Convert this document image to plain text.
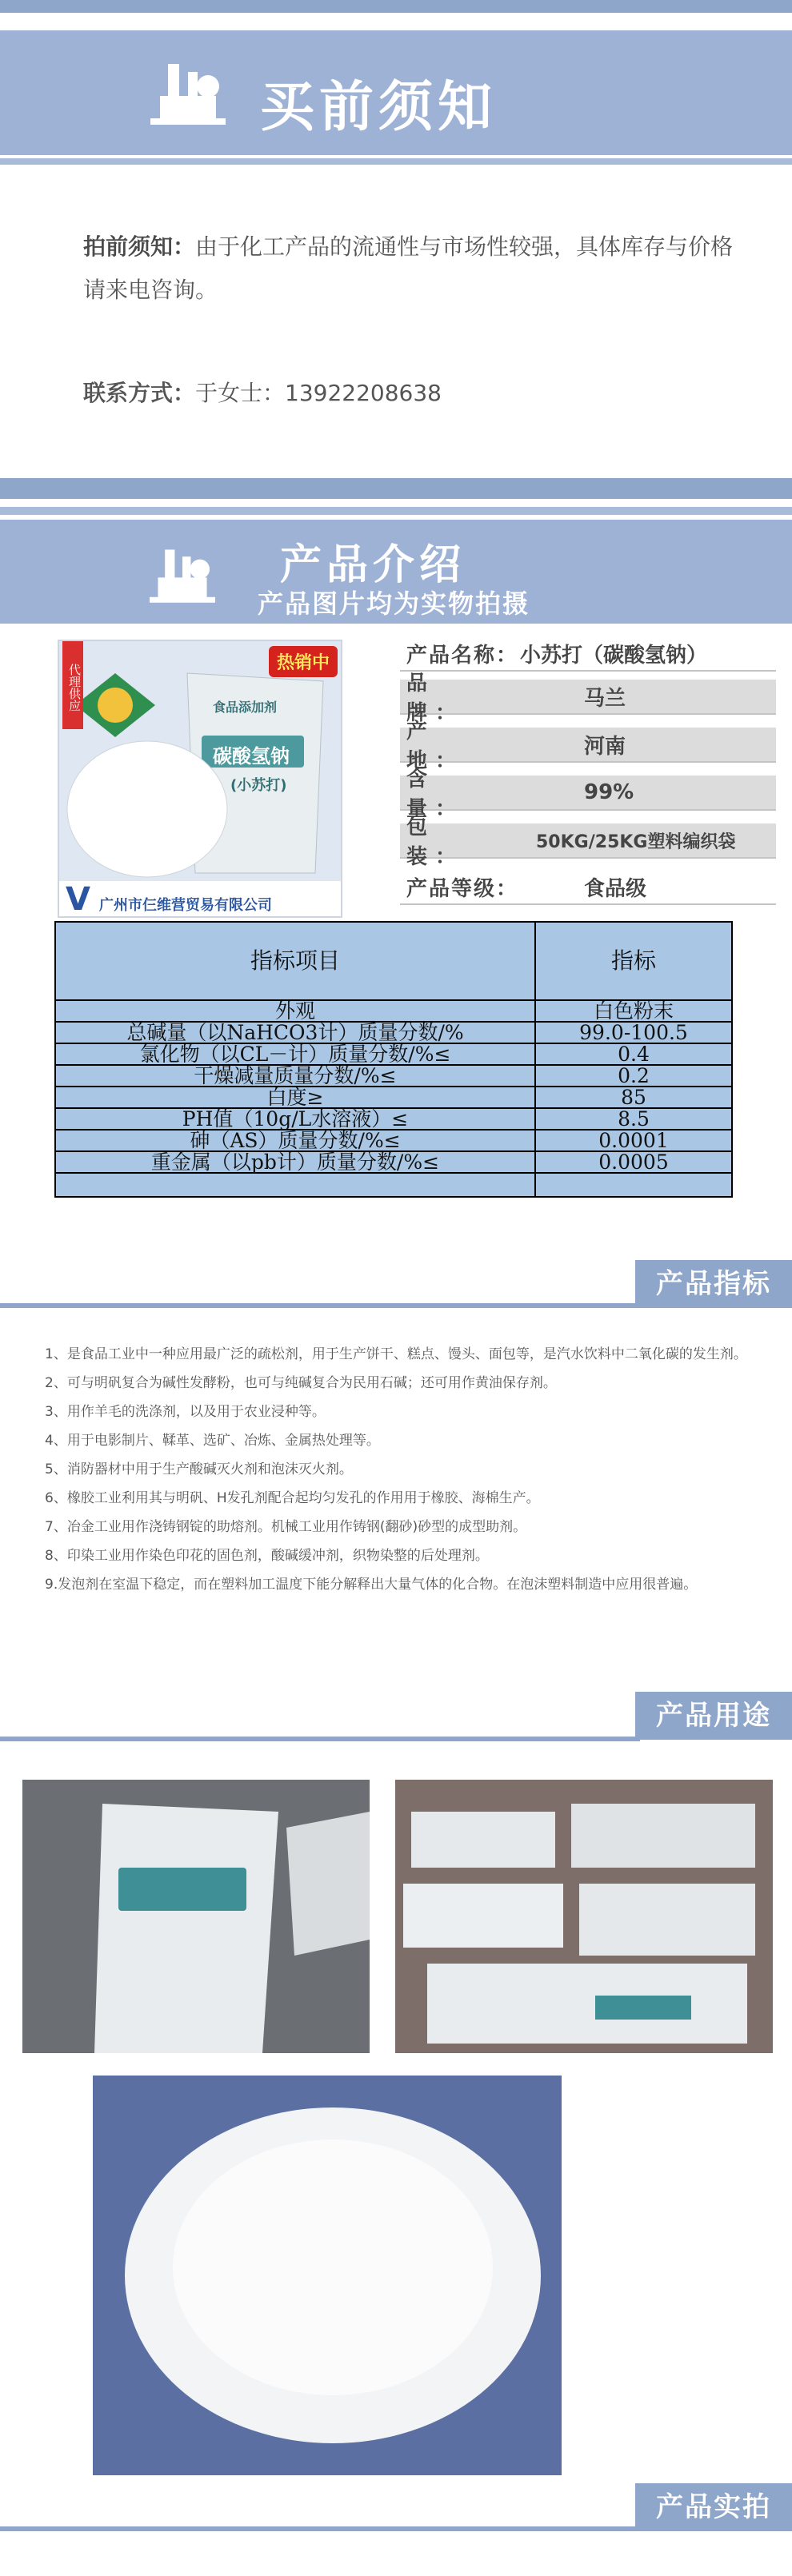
买前须知
拍前须知：由于化工产品的流通性与市场性较强，具体库存与价格请来电咨询。
联系方式：于女士：13922208638
产品介绍
产品图片均为实物拍摄
代理供应
热销中
食品添加剂
碳酸氢钠
(小苏打)
V 广州市仨维营贸易有限公司
产品名称： 小苏打（碳酸氢钠）
品　牌：
马兰
产　地：
河南
含　量：
99%
包　装：
50KG/25KG塑料编织袋
产品等级：	食品级
指标项目	指标
外观	白色粉末
总碱量（以NaHCO3计）质量分数/%	99.0-100.5
氯化物（以CL－计）质量分数/%≤	0.4
干燥减量质量分数/%≤	0.2
白度≥	85
PH值（10g/L水溶液）≤	8.5
砷（AS）质量分数/%≤	0.0001
重金属（以pb计）质量分数/%≤	0.0005

产品指标
1、是食品工业中一种应用最广泛的疏松剂，用于生产饼干、糕点、馒头、面包等，是汽水饮料中二氧化碳的发生剂。
2、可与明矾复合为碱性发酵粉，也可与纯碱复合为民用石碱；还可用作黄油保存剂。
3、用作羊毛的洗涤剂，以及用于农业浸种等。
4、用于电影制片、鞣革、选矿、冶炼、金属热处理等。
5、消防器材中用于生产酸碱灭火剂和泡沫灭火剂。
6、橡胶工业利用其与明矾、H发孔剂配合起均匀发孔的作用用于橡胶、海棉生产。
7、冶金工业用作浇铸钢锭的助熔剂。机械工业用作铸钢(翻砂)砂型的成型助剂。
8、印染工业用作染色印花的固色剂，酸碱缓冲剂，织物染整的后处理剂。
9.发泡剂在室温下稳定，而在塑料加工温度下能分解释出大量气体的化合物。在泡沫塑料制造中应用很普遍。
产品用途
产品实拍
